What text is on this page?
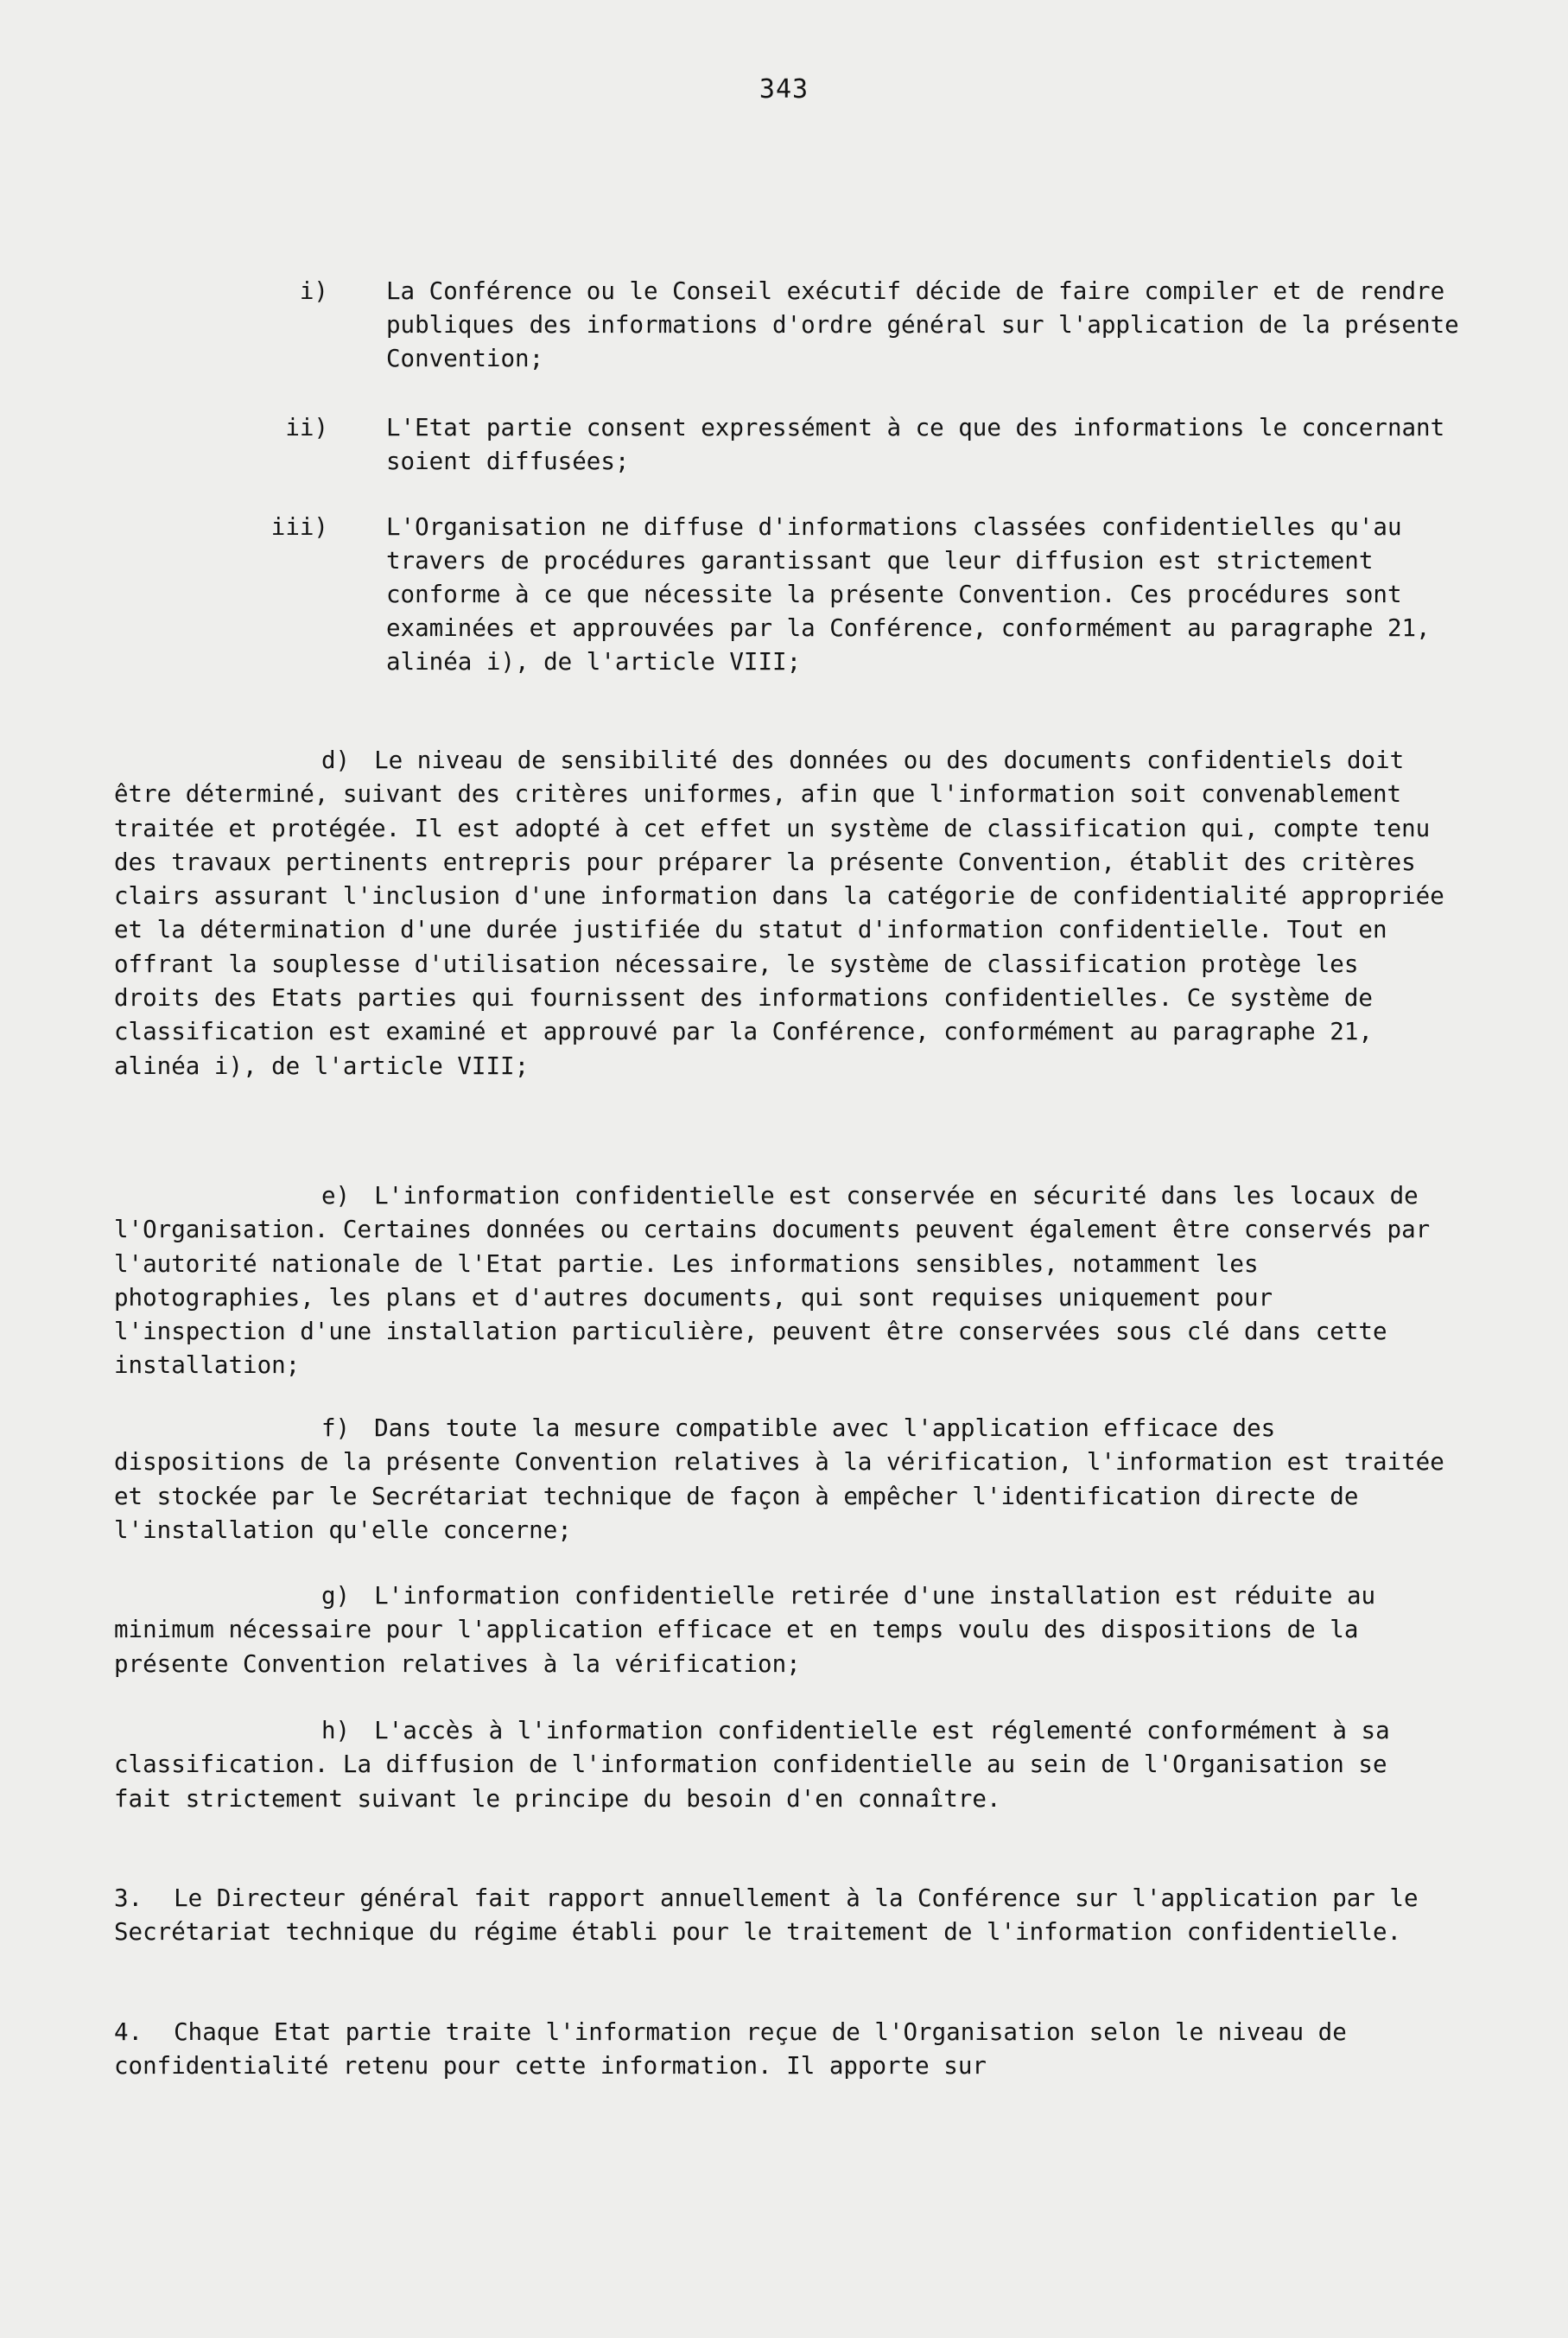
343

i)

La Conférence ou le Conseil exécutif décide de faire compiler et de rendre publiques des informations d'ordre général sur l'application de la présente Convention;

ii)

L'Etat partie consent expressément à ce que des informations le concernant soient diffusées;

iii)

L'Organisation ne diffuse d'informations classées confidentielles qu'au travers de procédures garantissant que leur diffusion est strictement conforme à ce que nécessite la présente Convention. Ces procédures sont examinées et approuvées par la Conférence, conformément au paragraphe 21, alinéa i), de l'article VIII;

d) Le niveau de sensibilité des données ou des documents confidentiels doit être déterminé, suivant des critères uniformes, afin que l'information soit convenablement traitée et protégée. Il est adopté à cet effet un système de classification qui, compte tenu des travaux pertinents entrepris pour préparer la présente Convention, établit des critères clairs assurant l'inclusion d'une information dans la catégorie de confidentialité appropriée et la détermination d'une durée justifiée du statut d'information confidentielle. Tout en offrant la souplesse d'utilisation nécessaire, le système de classification protège les droits des Etats parties qui fournissent des informations confidentielles. Ce système de classification est examiné et approuvé par la Conférence, conformément au paragraphe 21, alinéa i), de l'article VIII;
e) L'information confidentielle est conservée en sécurité dans les locaux de l'Organisation. Certaines données ou certains documents peuvent également être conservés par l'autorité nationale de l'Etat partie. Les informations sensibles, notamment les photographies, les plans et d'autres documents, qui sont requises uniquement pour l'inspection d'une installation particulière, peuvent être conservées sous clé dans cette installation;
f) Dans toute la mesure compatible avec l'application efficace des dispositions de la présente Convention relatives à la vérification, l'information est traitée et stockée par le Secrétariat technique de façon à empêcher l'identification directe de l'installation qu'elle concerne;
g) L'information confidentielle retirée d'une installation est réduite au minimum nécessaire pour l'application efficace et en temps voulu des dispositions de la présente Convention relatives à la vérification;
h) L'accès à l'information confidentielle est réglementé conformément à sa classification. La diffusion de l'information confidentielle au sein de l'Organisation se fait strictement suivant le principe du besoin d'en connaître.
3. Le Directeur général fait rapport annuellement à la Conférence sur l'application par le Secrétariat technique du régime établi pour le traitement de l'information confidentielle.
4. Chaque Etat partie traite l'information reçue de l'Organisation selon le niveau de confidentialité retenu pour cette information. Il apporte sur
